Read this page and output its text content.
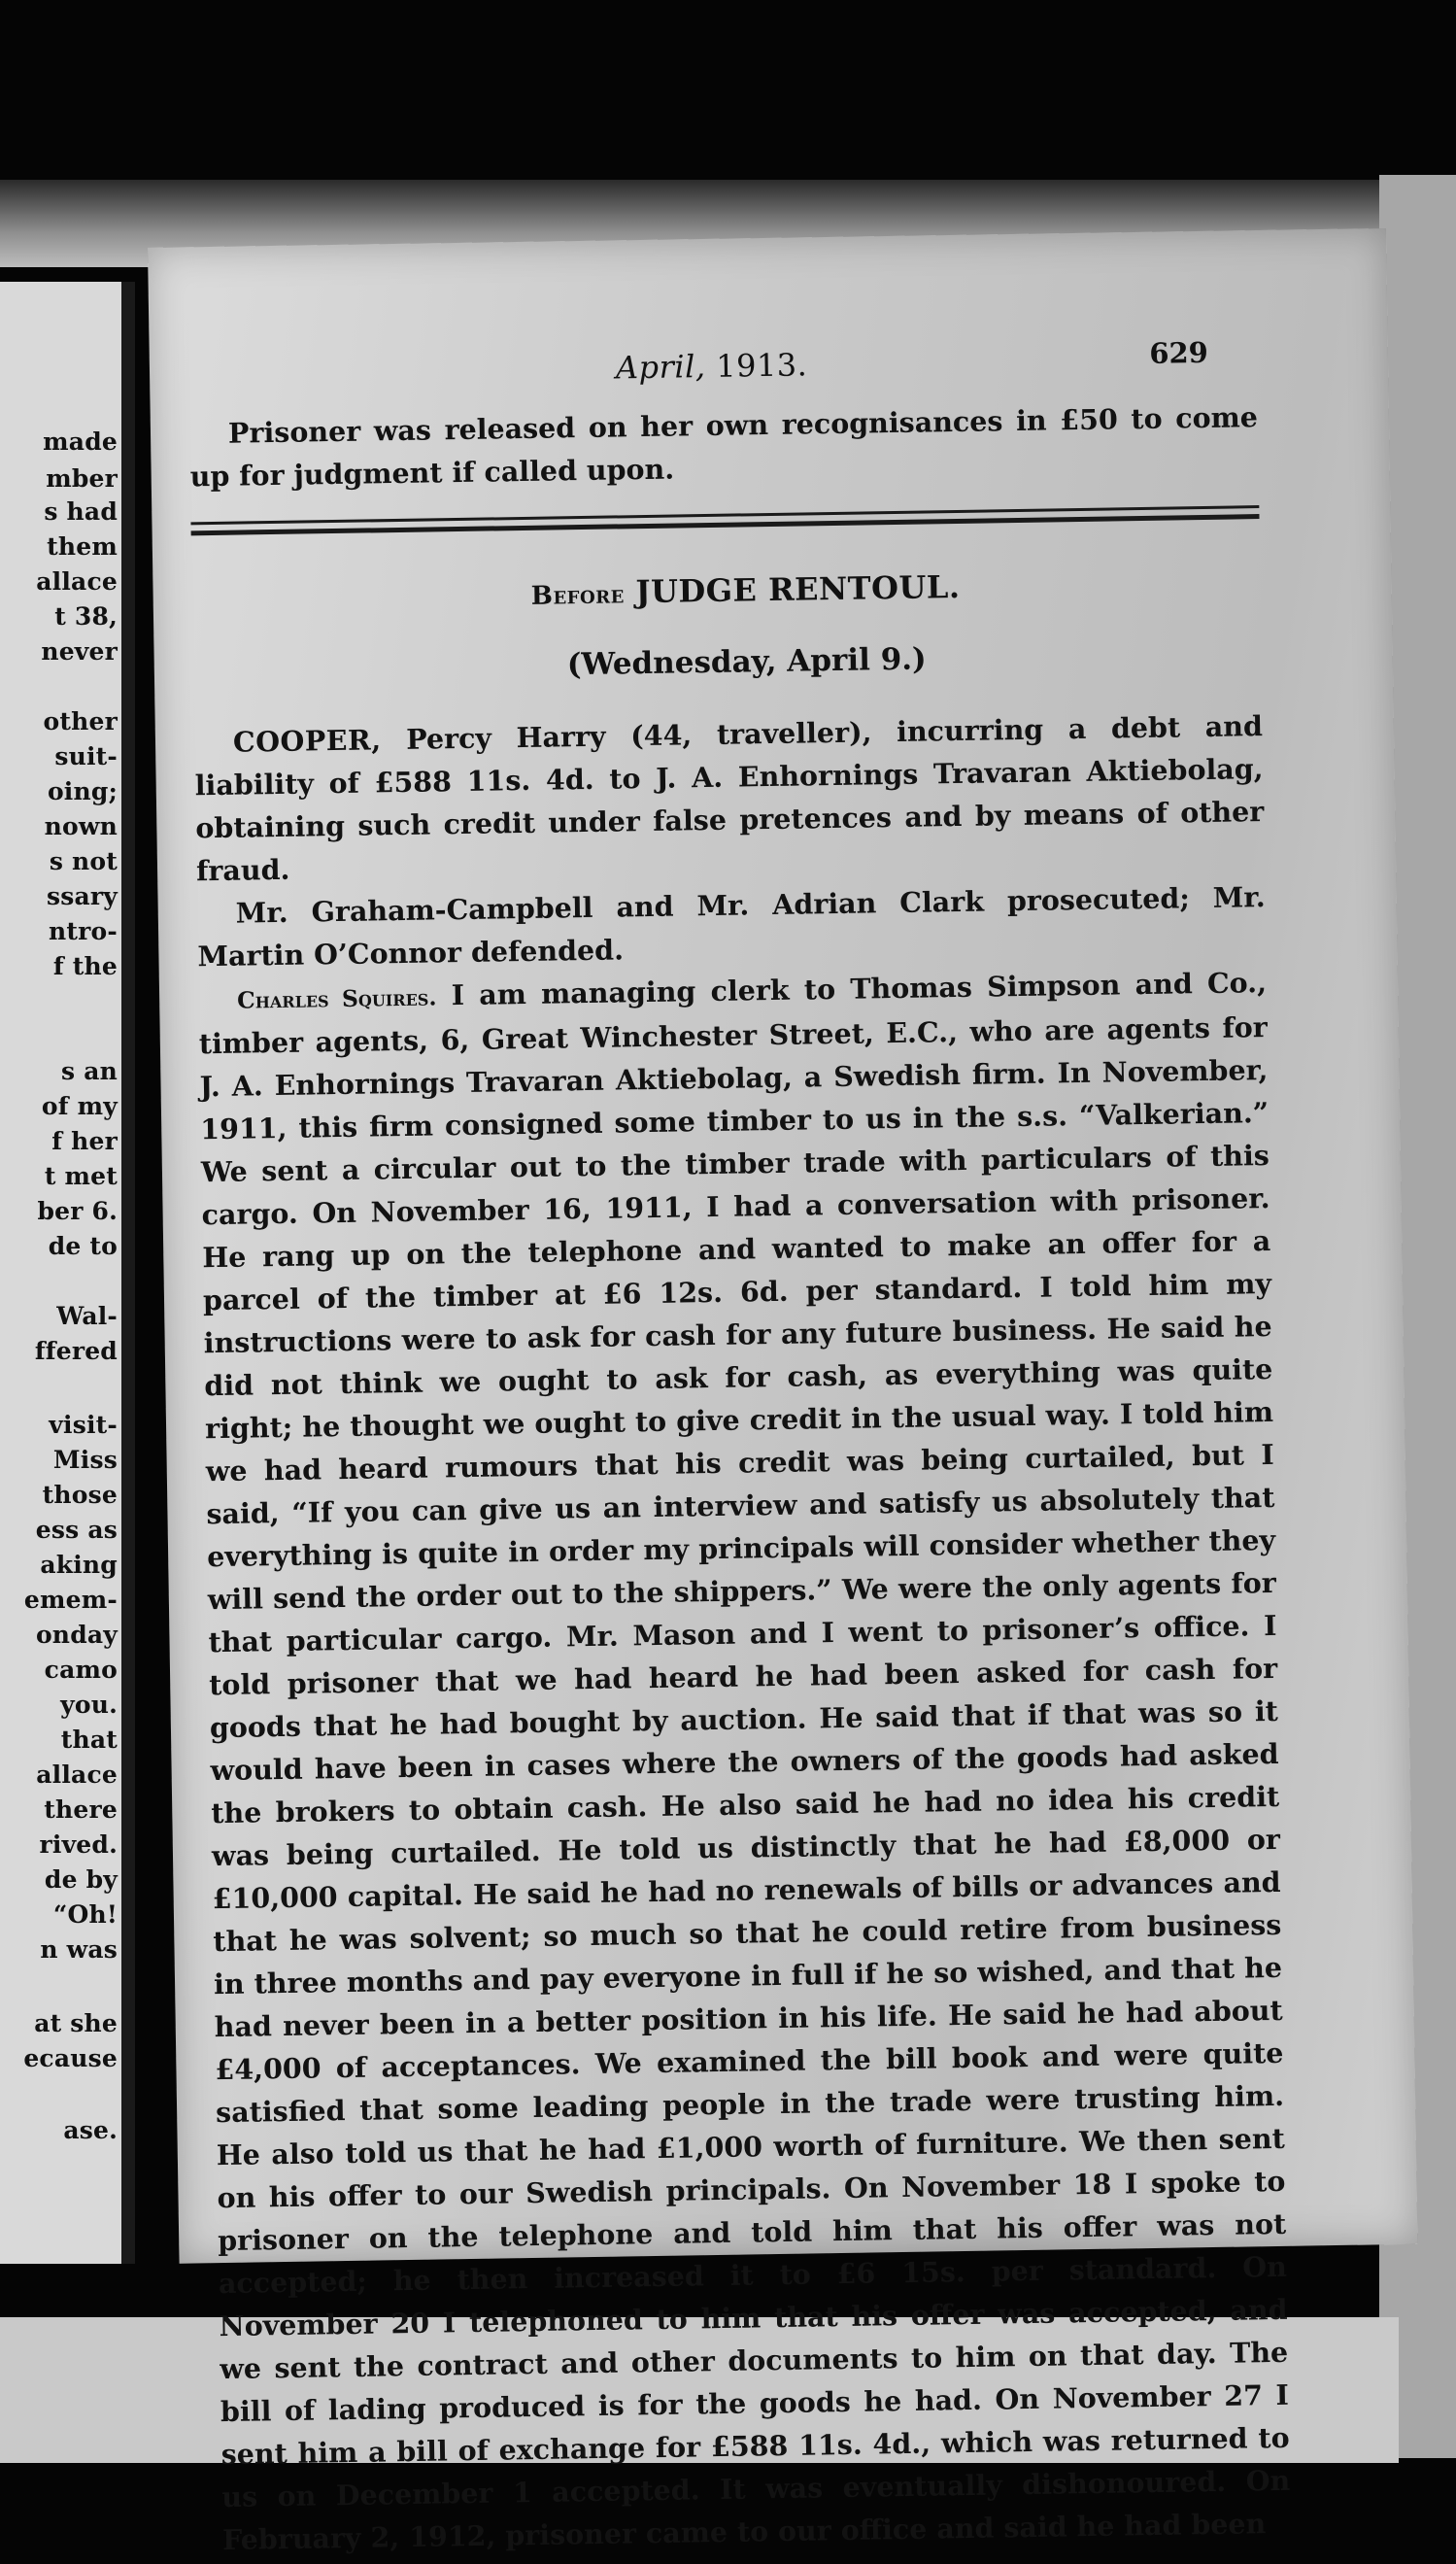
made
mber
s had
them
allace
t 38,
never
other
suit-
oing;
nown
s not
ssary
ntro-
f the
s an
of my
f her
t met
ber 6.
de to
Wal-
ffered
visit-
Miss
those
ess as
aking
emem-
onday
camo
you.
that
allace
there
rived.
de by
“Oh!
n was
at she
ecause
ase.
April, 1913.	629

Prisoner was released on her own recognisances in £50 to come up for judgment if called upon.

Before JUDGE RENTOUL.
(Wednesday, April 9.)

COOPER, Percy Harry (44, traveller), incurring a debt and liability of £588 11s. 4d. to J. A. Enhornings Travaran Aktiebolag, obtaining such credit under false pretences and by means of other fraud.

Mr. Graham-Campbell and Mr. Adrian Clark prosecuted; Mr. Martin O’Connor defended.

Charles Squires. I am managing clerk to Thomas Simpson and Co., timber agents, 6, Great Winchester Street, E.C., who are agents for J. A. Enhornings Travaran Aktiebolag, a Swedish firm. In November, 1911, this firm consigned some timber to us in the s.s. “Valkerian.” We sent a circular out to the timber trade with particulars of this cargo. On November 16, 1911, I had a conversation with prisoner. He rang up on the telephone and wanted to make an offer for a parcel of the timber at £6 12s. 6d. per standard. I told him my instructions were to ask for cash for any future business. He said he did not think we ought to ask for cash, as everything was quite right; he thought we ought to give credit in the usual way. I told him we had heard rumours that his credit was being curtailed, but I said, “If you can give us an interview and satisfy us absolutely that everything is quite in order my principals will consider whether they will send the order out to the shippers.” We were the only agents for that particular cargo. Mr. Mason and I went to prisoner’s office. I told prisoner that we had heard he had been asked for cash for goods that he had bought by auction. He said that if that was so it would have been in cases where the owners of the goods had asked the brokers to obtain cash. He also said he had no idea his credit was being curtailed. He told us distinctly that he had £8,000 or £10,000 capital. He said he had no renewals of bills or advances and that he was solvent; so much so that he could retire from business in three months and pay everyone in full if he so wished, and that he had never been in a better position in his life. He said he had about £4,000 of acceptances. We examined the bill book and were quite satisfied that some leading people in the trade were trusting him. He also told us that he had £1,000 worth of furniture. We then sent on his offer to our Swedish principals. On November 18 I spoke to prisoner on the telephone and told him that his offer was not accepted; he then increased it to £6 15s. per standard. On November 20 I telephoned to him that his offer was accepted, and we sent the contract and other documents to him on that day. The bill of lading produced is for the goods he had. On November 27 I sent him a bill of exchange for £588 11s. 4d., which was returned to us on December 1 accepted. It was eventually dishonoured. On February 2, 1912, prisoner came to our office and said he had been
